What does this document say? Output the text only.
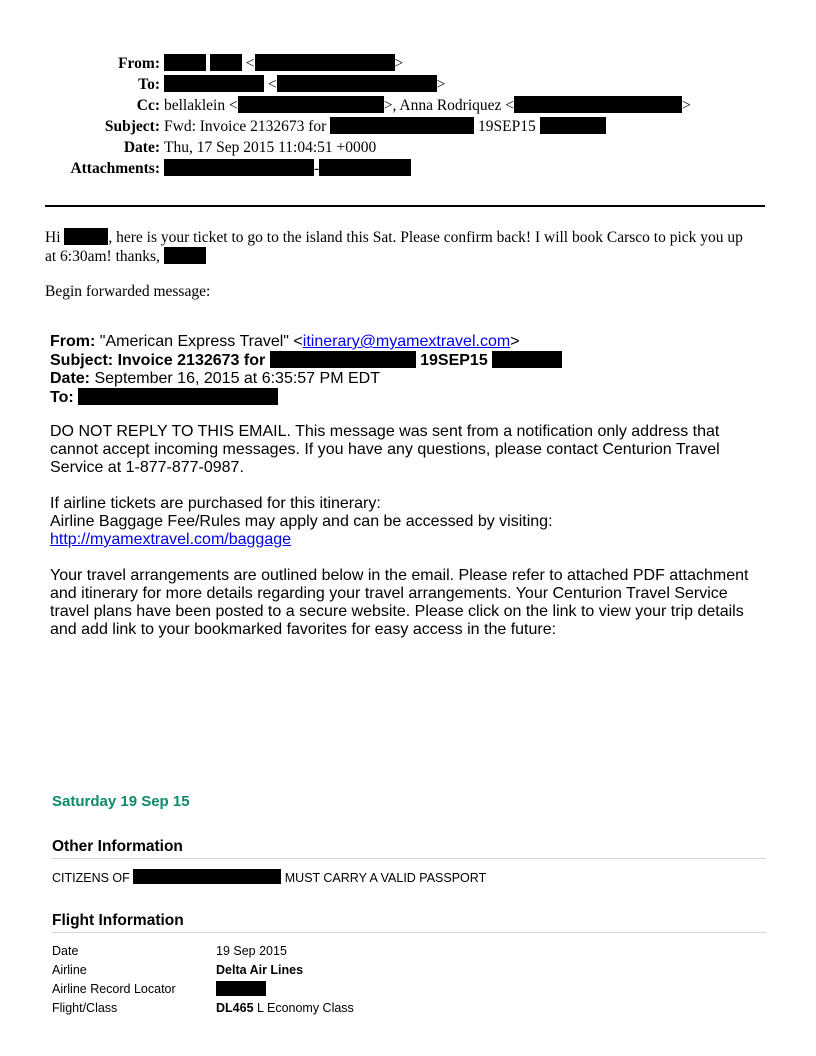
From:	<	>
To:	<	>
Cc: bellaklein <	>, Anna Rodriquez <	>
Subject: Fwd: Invoice 2132673 for	19SEP15
Date: Thu, 17 Sep 2015 11:04:51 +0000
Attachments:	-
Hi	, here is your ticket to go to the island this Sat. Please confirm back! I will book Carsco to pick you up
at 6:30am! thanks,
Begin forwarded message:
From: "American Express Travel" <itinerary@myamextravel.com>
Subject: Invoice 2132673 for	19SEP15
Date: September 16, 2015 at 6:35:57 PM EDT
To:
DO NOT REPLY TO THIS EMAIL. This message was sent from a notification only address that cannot accept incoming messages. If you have any questions, please contact Centurion Travel Service at 1-877-877-0987.
If airline tickets are purchased for this itinerary:
Airline Baggage Fee/Rules may apply and can be accessed by visiting:
http://myamextravel.com/baggage
Your travel arrangements are outlined below in the email. Please refer to attached PDF attachment and itinerary for more details regarding your travel arrangements. Your Centurion Travel Service travel plans have been posted to a secure website. Please click on the link to view your trip details and add link to your bookmarked favorites for easy access in the future:
Saturday 19 Sep 15
Other Information
CITIZENS OF	MUST CARRY A VALID PASSPORT
Flight Information
Date	19 Sep 2015
Airline	Delta Air Lines
Airline Record Locator
Flight/Class	DL465 L Economy Class
